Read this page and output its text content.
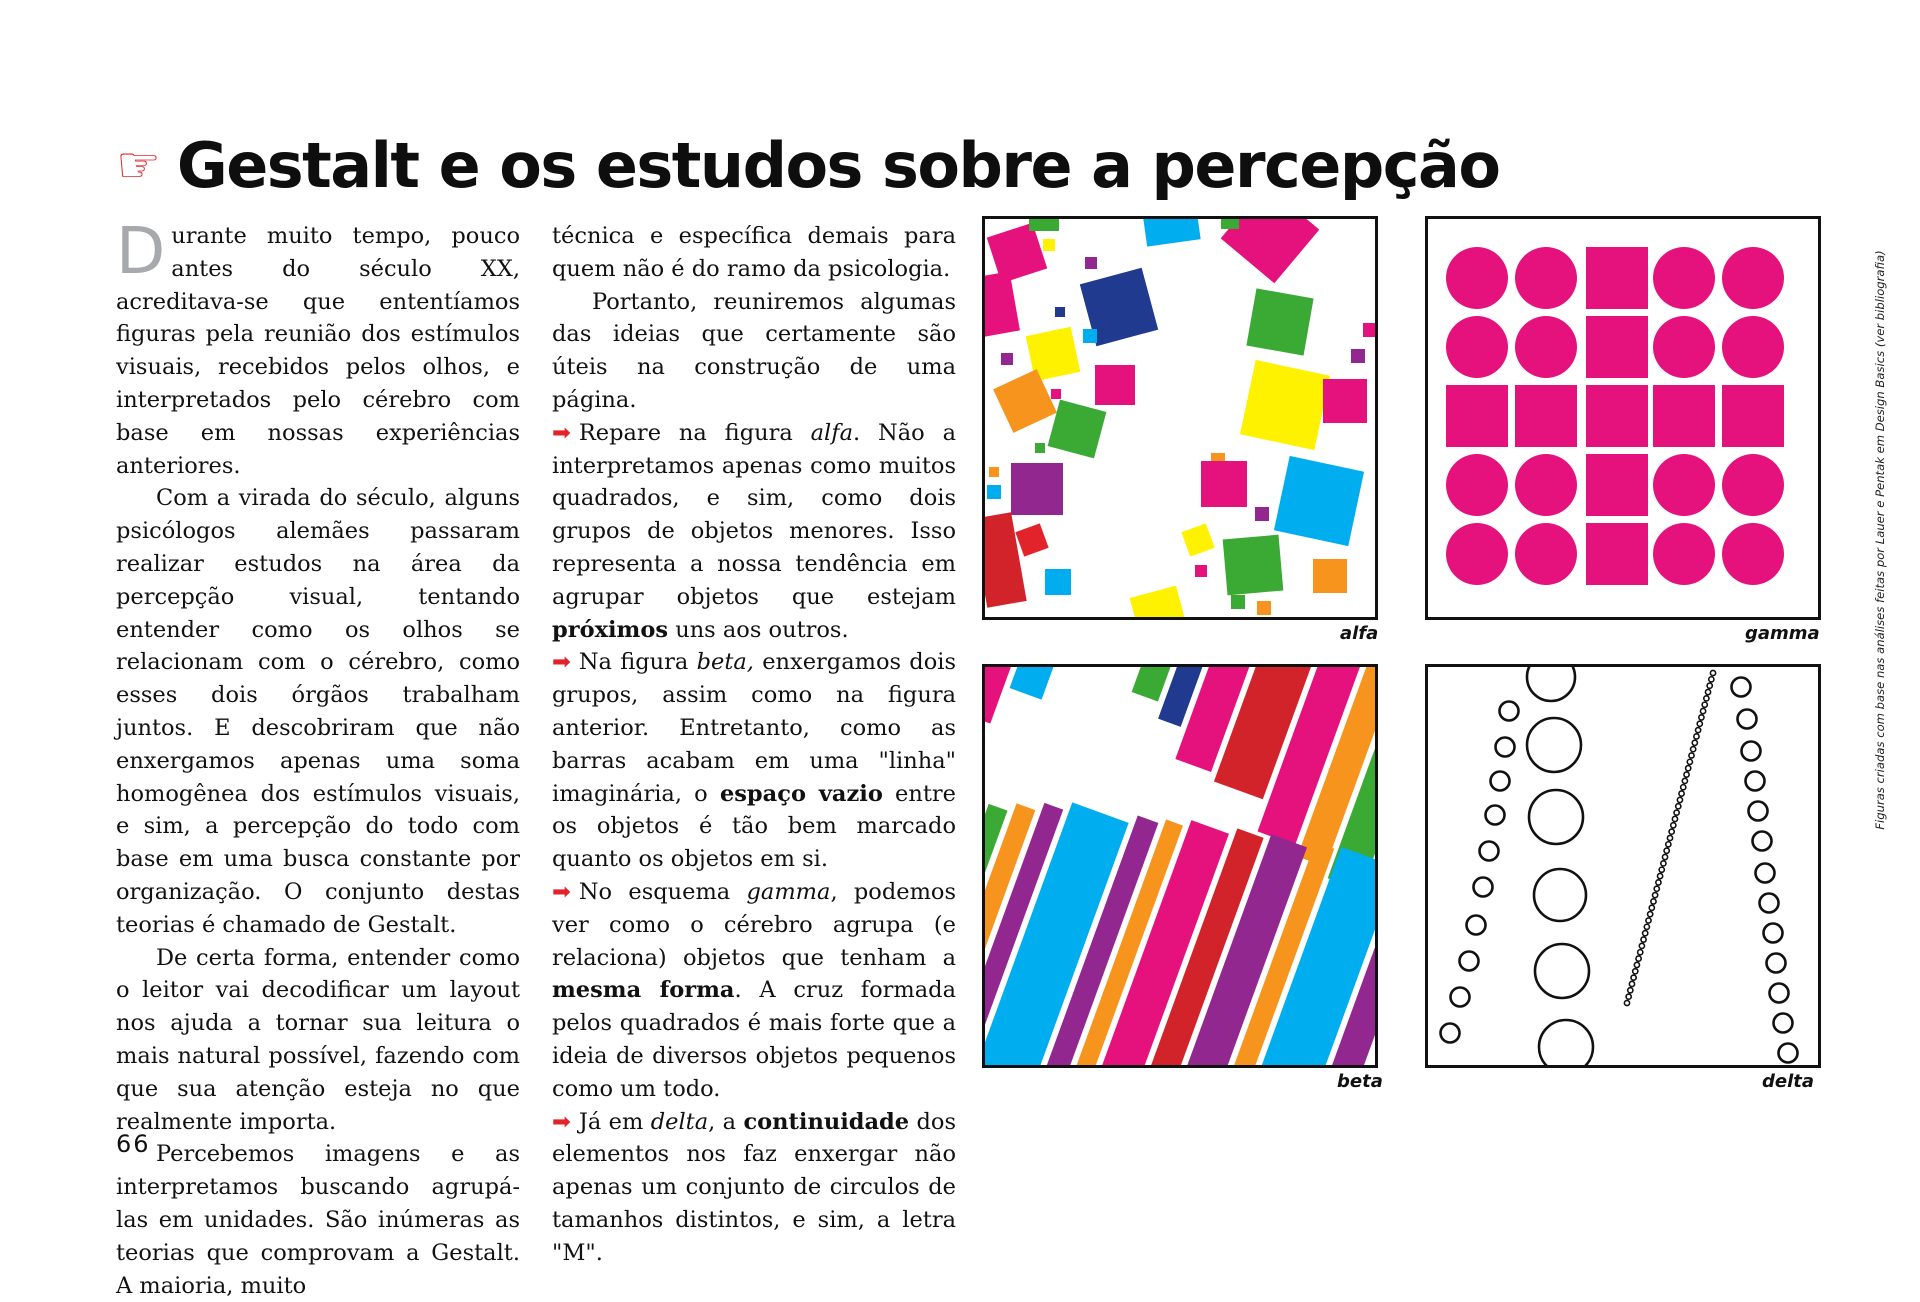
☞ Gestalt e os estudos sobre a percepção

Durante muito tempo, pouco antes do século XX, acreditava-se que ententíamos figuras pela reunião dos estímulos visuais, recebidos pelos olhos, e interpretados pelo cérebro com base em nossas experiências anteriores.

Com a virada do século, alguns psicólogos alemães passaram realizar estudos na área da percepção visual, tentando entender como os olhos se relacionam com o cérebro, como esses dois órgãos trabalham juntos. E descobriram que não enxergamos apenas uma soma homogênea dos estímulos visuais, e sim, a percepção do todo com base em uma busca constante por organização. O conjunto destas teorias é chamado de Gestalt.

De certa forma, entender como o leitor vai decodificar um layout nos ajuda a tornar sua leitura o mais natural possível, fazendo com que sua atenção esteja no que realmente importa.

Percebemos imagens e as interpretamos buscando agrupá-las em unidades. São inúmeras as teorias que comprovam a Gestalt. A maioria, muito

técnica e específica demais para quem não é do ramo da psicologia.

Portanto, reuniremos algumas das ideias que certamente são úteis na construção de uma página.

➡ Repare na figura alfa. Não a interpretamos apenas como muitos quadrados, e sim, como dois grupos de objetos menores. Isso representa a nossa tendência em agrupar objetos que estejam próximos uns aos outros.

➡ Na figura beta, enxergamos dois grupos, assim como na figura anterior. Entretanto, como as barras acabam em uma "linha" imaginária, o espaço vazio entre os objetos é tão bem marcado quanto os objetos em si.

➡ No esquema gamma, podemos ver como o cérebro agrupa (e relaciona) objetos que tenham a mesma forma. A cruz formada pelos quadrados é mais forte que a ideia de diversos objetos pequenos como um todo.

➡ Já em delta, a continuidade dos elementos nos faz enxergar não apenas um conjunto de circulos de tamanhos distintos, e sim, a letra "M".

66
alfa	gamma
beta	delta
Figuras criadas com base nas análises feitas por Lauer e Pentak em Design Basics (ver bibliografia)
